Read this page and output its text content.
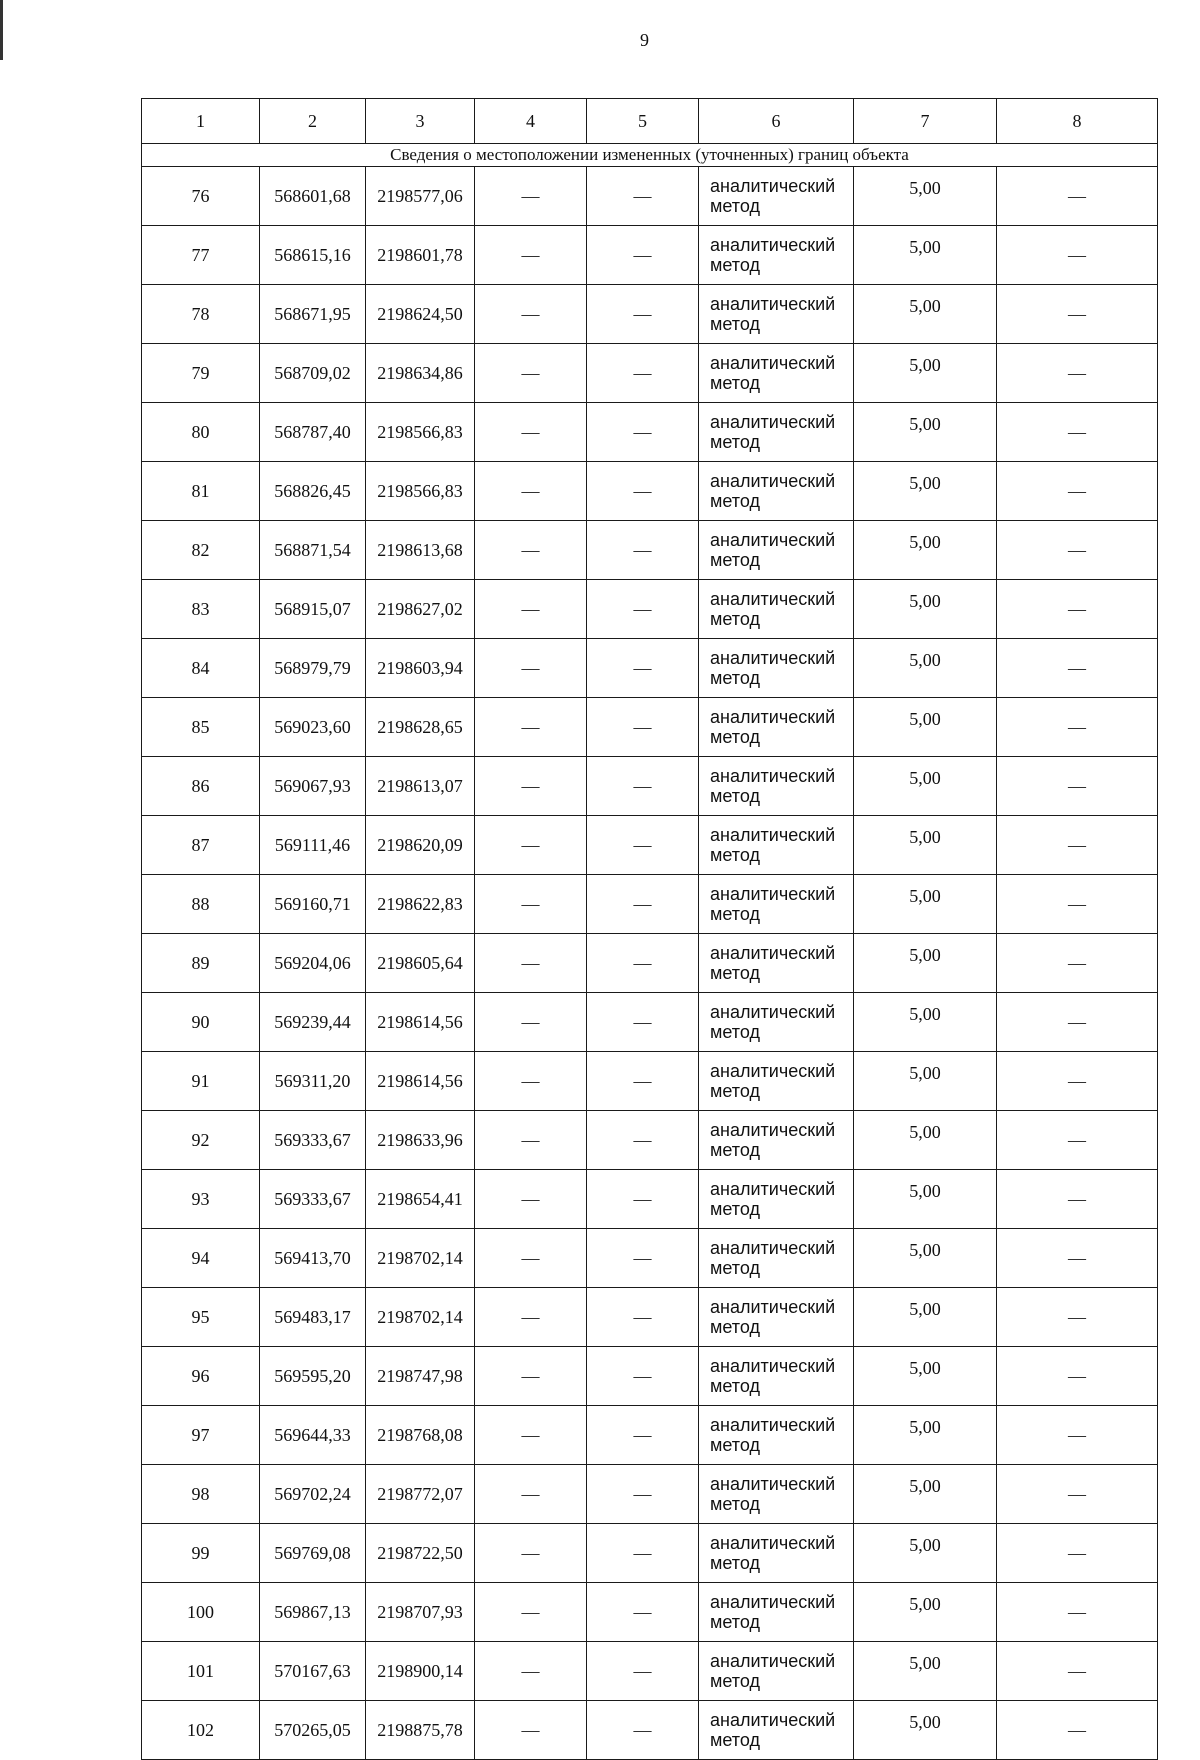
9
1	2	3	4	5	6	7	8
Сведения о местоположении измененных (уточненных) границ объекта							
76	568601,68	2198577,06	—	—	аналитический
метод	5,00	—
77	568615,16	2198601,78	—	—	аналитический
метод	5,00	—
78	568671,95	2198624,50	—	—	аналитический
метод	5,00	—
79	568709,02	2198634,86	—	—	аналитический
метод	5,00	—
80	568787,40	2198566,83	—	—	аналитический
метод	5,00	—
81	568826,45	2198566,83	—	—	аналитический
метод	5,00	—
82	568871,54	2198613,68	—	—	аналитический
метод	5,00	—
83	568915,07	2198627,02	—	—	аналитический
метод	5,00	—
84	568979,79	2198603,94	—	—	аналитический
метод	5,00	—
85	569023,60	2198628,65	—	—	аналитический
метод	5,00	—
86	569067,93	2198613,07	—	—	аналитический
метод	5,00	—
87	569111,46	2198620,09	—	—	аналитический
метод	5,00	—
88	569160,71	2198622,83	—	—	аналитический
метод	5,00	—
89	569204,06	2198605,64	—	—	аналитический
метод	5,00	—
90	569239,44	2198614,56	—	—	аналитический
метод	5,00	—
91	569311,20	2198614,56	—	—	аналитический
метод	5,00	—
92	569333,67	2198633,96	—	—	аналитический
метод	5,00	—
93	569333,67	2198654,41	—	—	аналитический
метод	5,00	—
94	569413,70	2198702,14	—	—	аналитический
метод	5,00	—
95	569483,17	2198702,14	—	—	аналитический
метод	5,00	—
96	569595,20	2198747,98	—	—	аналитический
метод	5,00	—
97	569644,33	2198768,08	—	—	аналитический
метод	5,00	—
98	569702,24	2198772,07	—	—	аналитический
метод	5,00	—
99	569769,08	2198722,50	—	—	аналитический
метод	5,00	—
100	569867,13	2198707,93	—	—	аналитический
метод	5,00	—
101	570167,63	2198900,14	—	—	аналитический
метод	5,00	—
102	570265,05	2198875,78	—	—	аналитический
метод	5,00	—
